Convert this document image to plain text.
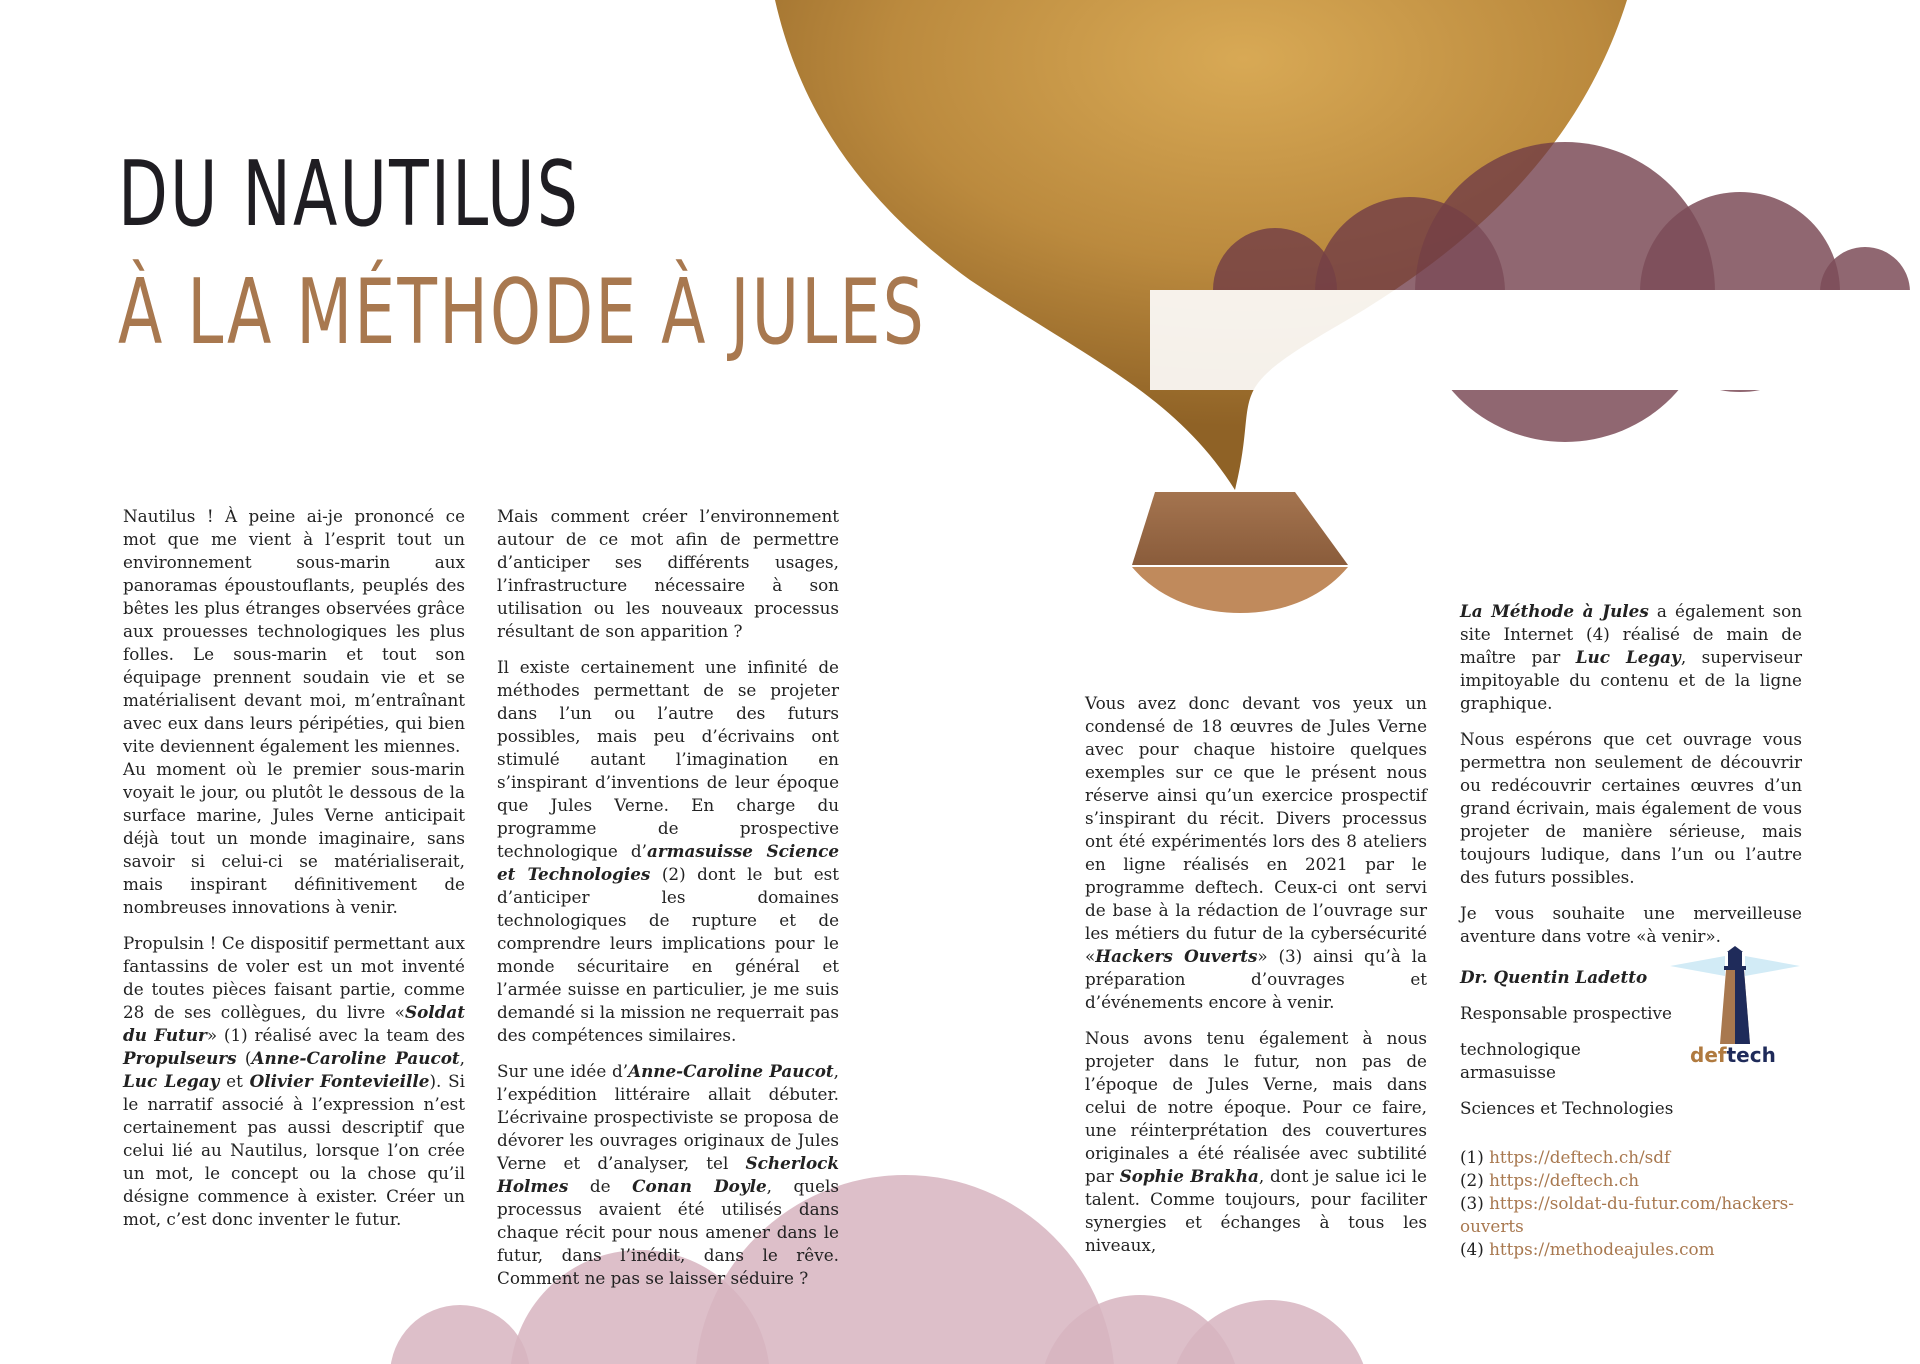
DU NAUTILUS
À LA MÉTHODE À JULES

Nautilus ! À peine ai-je prononcé ce mot que me vient à l’esprit tout un environnement sous-marin aux panoramas époustouflants, peuplés des bêtes les plus étranges observées grâce aux prouesses technologiques les plus folles. Le sous-marin et tout son équipage prennent soudain vie et se matérialisent devant moi, m’entraînant avec eux dans leurs péripéties, qui bien vite deviennent également les miennes.

Au moment où le premier sous-marin voyait le jour, ou plutôt le dessous de la surface marine, Jules Verne anticipait déjà tout un monde imaginaire, sans savoir si celui-ci se matérialiserait, mais inspirant définitivement de nombreuses innovations à venir.

Propulsin ! Ce dispositif permettant aux fantassins de voler est un mot inventé de toutes pièces faisant partie, comme 28 de ses collègues, du livre «Soldat du Futur» (1) réalisé avec la team des Propulseurs (Anne-Caroline Paucot, Luc Legay et Olivier Fontevieille). Si le narratif associé à l’expression n’est certainement pas aussi descriptif que celui lié au Nautilus, lorsque l’on crée un mot, le concept ou la chose qu’il désigne commence à exister. Créer un mot, c’est donc inventer le futur.

Mais comment créer l’environnement autour de ce mot afin de permettre d’anticiper ses différents usages, l’infrastructure nécessaire à son utilisation ou les nouveaux processus résultant de son apparition ?

Il existe certainement une infinité de méthodes permettant de se projeter dans l’un ou l’autre des futurs possibles, mais peu d’écrivains ont stimulé autant l’imagination en s’inspirant d’inventions de leur époque que Jules Verne. En charge du programme de prospective technologique d’armasuisse Science et Technologies (2) dont le but est d’anticiper les domaines technologiques de rupture et de comprendre leurs implications pour le monde sécuritaire en général et l’armée suisse en particulier, je me suis demandé si la mission ne requerrait pas des compétences similaires.

Sur une idée d’Anne-Caroline Paucot, l’expédition littéraire allait débuter. L’écrivaine prospectiviste se proposa de dévorer les ouvrages originaux de Jules Verne et d’analyser, tel Scherlock Holmes de Conan Doyle, quels processus avaient été utilisés dans chaque récit pour nous amener dans le futur, dans l’inédit, dans le rêve. Comment ne pas se laisser séduire ?

Vous avez donc devant vos yeux un condensé de 18 œuvres de Jules Verne avec pour chaque histoire quelques exemples sur ce que le présent nous réserve ainsi qu’un exercice prospectif s’inspirant du récit. Divers processus ont été expérimentés lors des 8 ateliers en ligne réalisés en 2021 par le programme deftech. Ceux-ci ont servi de base à la rédaction de l’ouvrage sur les métiers du futur de la cybersécurité «Hackers Ouverts» (3) ainsi qu’à la préparation d’ouvrages et d’événements encore à venir.

Nous avons tenu également à nous projeter dans le futur, non pas de l’époque de Jules Verne, mais dans celui de notre époque. Pour ce faire, une réinterprétation des couvertures originales a été réalisée avec subtilité par Sophie Brakha, dont je salue ici le talent. Comme toujours, pour faciliter synergies et échanges à tous les niveaux,

La Méthode à Jules a également son site Internet (4) réalisé de main de maître par Luc Legay, superviseur impitoyable du contenu et de la ligne graphique.

Nous espérons que cet ouvrage vous permettra non seulement de découvrir ou redécouvrir certaines œuvres d’un grand écrivain, mais également de vous projeter de manière sérieuse, mais toujours ludique, dans l’un ou l’autre des futurs possibles.

Je vous souhaite une merveilleuse aventure dans votre «à venir».

Dr. Quentin Ladetto

Responsable prospective

technologique armasuisse

Sciences et Technologies

deftech
(1) https://deftech.ch/sdf
(2) https://deftech.ch
(3) https://soldat-du-futur.com/hackers-ouverts
(4) https://methodeajules.com
